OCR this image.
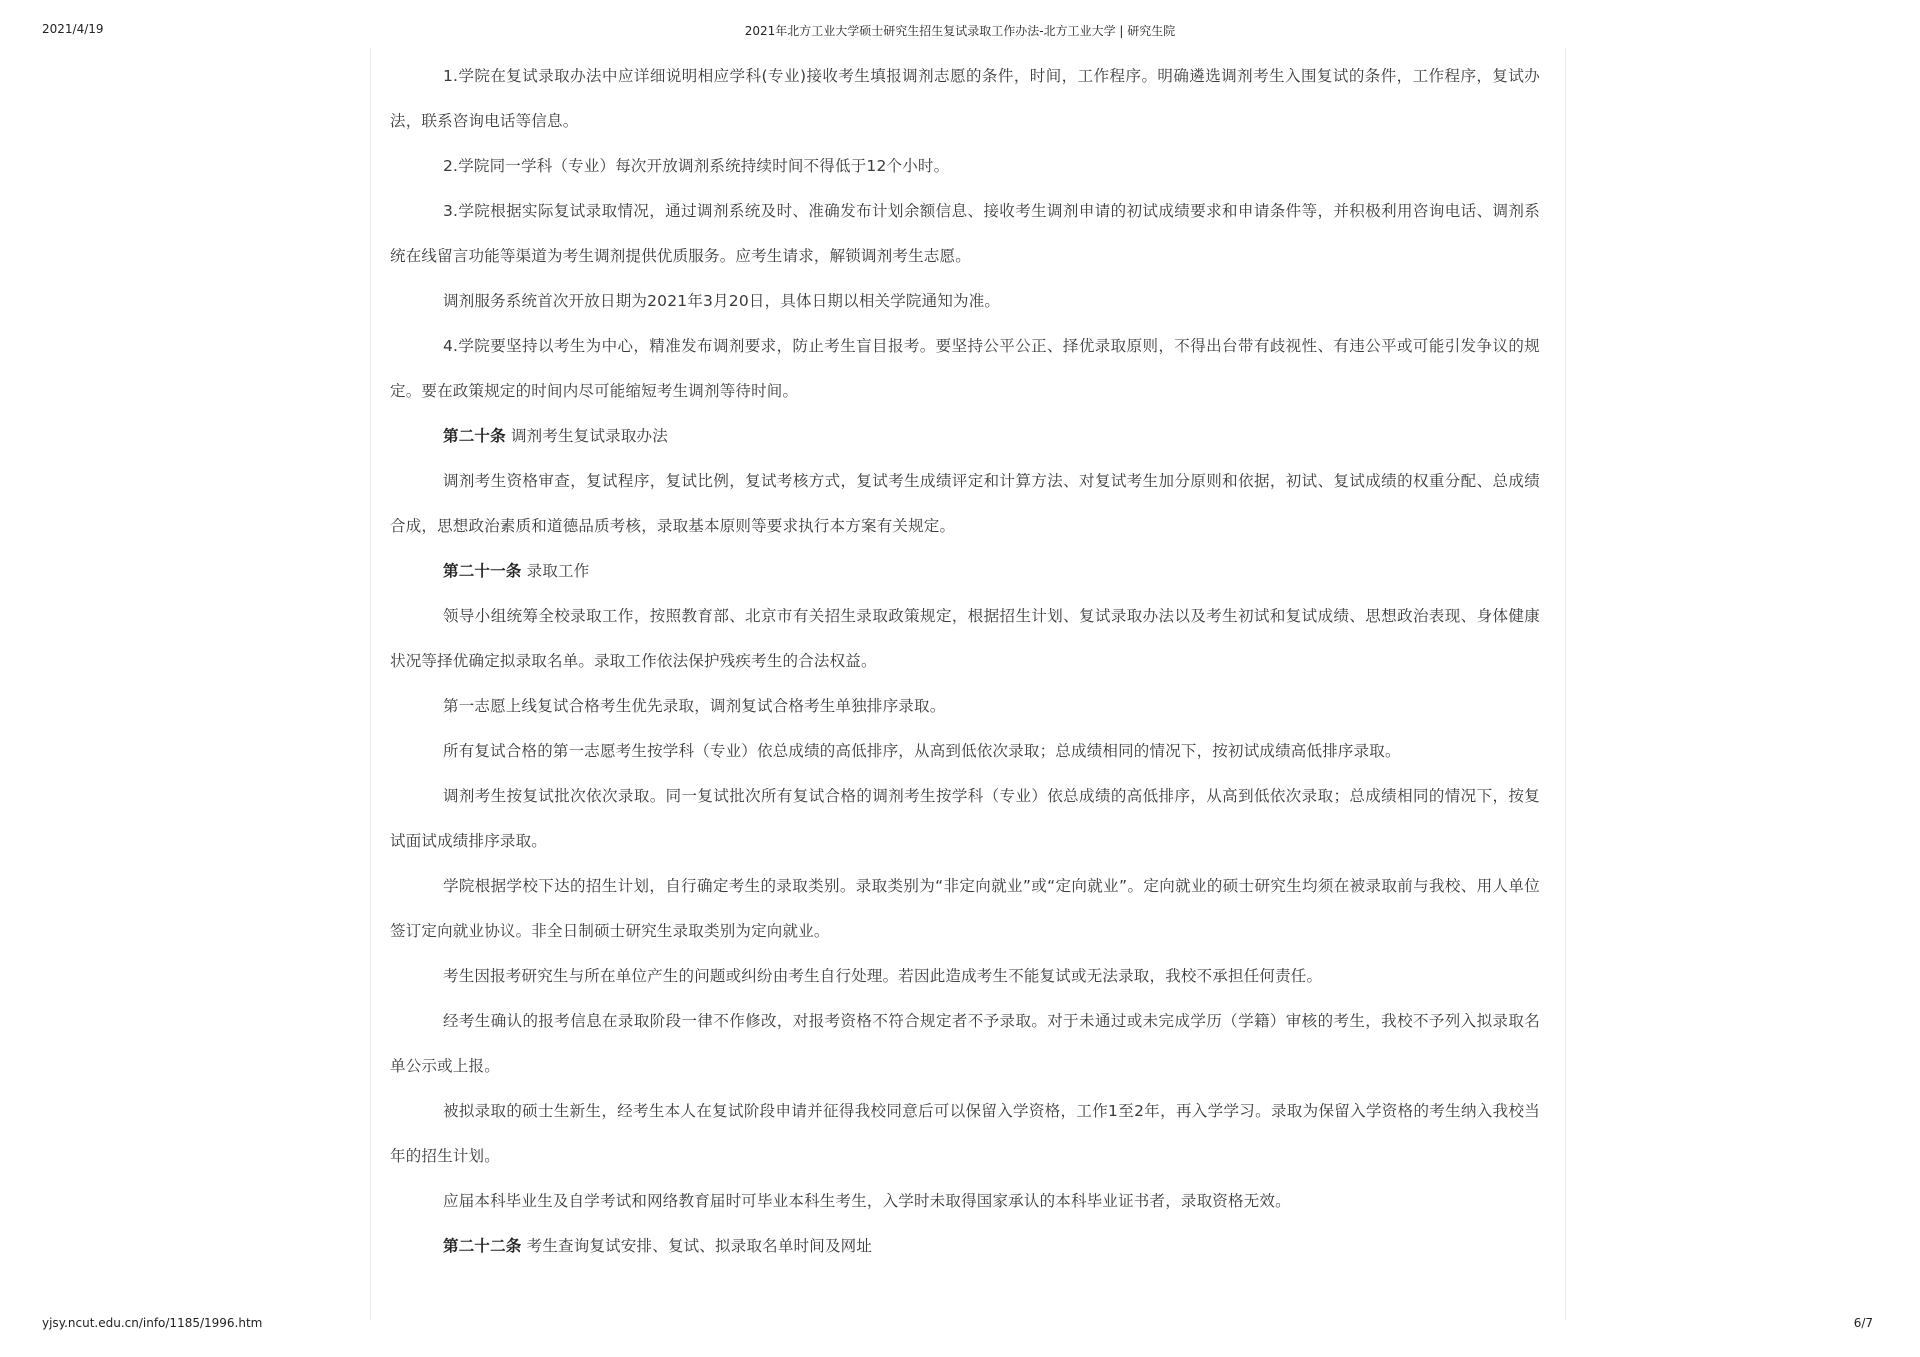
2021/4/19	2021年北方工业大学硕士研究生招生复试录取工作办法-北方工业大学 | 研究生院

1.学院在复试录取办法中应详细说明相应学科(专业)接收考生填报调剂志愿的条件，时间，工作程序。明确遴选调剂考生入围复试的条件，工作程序，复试办法，联系咨询电话等信息。

2.学院同一学科（专业）每次开放调剂系统持续时间不得低于12个小时。

3.学院根据实际复试录取情况，通过调剂系统及时、准确发布计划余额信息、接收考生调剂申请的初试成绩要求和申请条件等，并积极利用咨询电话、调剂系统在线留言功能等渠道为考生调剂提供优质服务。应考生请求，解锁调剂考生志愿。

调剂服务系统首次开放日期为2021年3月20日，具体日期以相关学院通知为准。

4.学院要坚持以考生为中心，精准发布调剂要求，防止考生盲目报考。要坚持公平公正、择优录取原则，不得出台带有歧视性、有违公平或可能引发争议的规定。要在政策规定的时间内尽可能缩短考生调剂等待时间。

第二十条 调剂考生复试录取办法

调剂考生资格审查，复试程序，复试比例，复试考核方式，复试考生成绩评定和计算方法、对复试考生加分原则和依据，初试、复试成绩的权重分配、总成绩合成，思想政治素质和道德品质考核，录取基本原则等要求执行本方案有关规定。

第二十一条 录取工作

领导小组统筹全校录取工作，按照教育部、北京市有关招生录取政策规定，根据招生计划、复试录取办法以及考生初试和复试成绩、思想政治表现、身体健康状况等择优确定拟录取名单。录取工作依法保护残疾考生的合法权益。

第一志愿上线复试合格考生优先录取，调剂复试合格考生单独排序录取。

所有复试合格的第一志愿考生按学科（专业）依总成绩的高低排序，从高到低依次录取；总成绩相同的情况下，按初试成绩高低排序录取。

调剂考生按复试批次依次录取。同一复试批次所有复试合格的调剂考生按学科（专业）依总成绩的高低排序，从高到低依次录取；总成绩相同的情况下，按复试面试成绩排序录取。

学院根据学校下达的招生计划，自行确定考生的录取类别。录取类别为“非定向就业”或“定向就业”。定向就业的硕士研究生均须在被录取前与我校、用人单位签订定向就业协议。非全日制硕士研究生录取类别为定向就业。

考生因报考研究生与所在单位产生的问题或纠纷由考生自行处理。若因此造成考生不能复试或无法录取，我校不承担任何责任。

经考生确认的报考信息在录取阶段一律不作修改，对报考资格不符合规定者不予录取。对于未通过或未完成学历（学籍）审核的考生，我校不予列入拟录取名单公示或上报。

被拟录取的硕士生新生，经考生本人在复试阶段申请并征得我校同意后可以保留入学资格，工作1至2年，再入学学习。录取为保留入学资格的考生纳入我校当年的招生计划。

应届本科毕业生及自学考试和网络教育届时可毕业本科生考生，入学时未取得国家承认的本科毕业证书者，录取资格无效。

第二十二条 考生查询复试安排、复试、拟录取名单时间及网址

yjsy.ncut.edu.cn/info/1185/1996.htm	6/7
